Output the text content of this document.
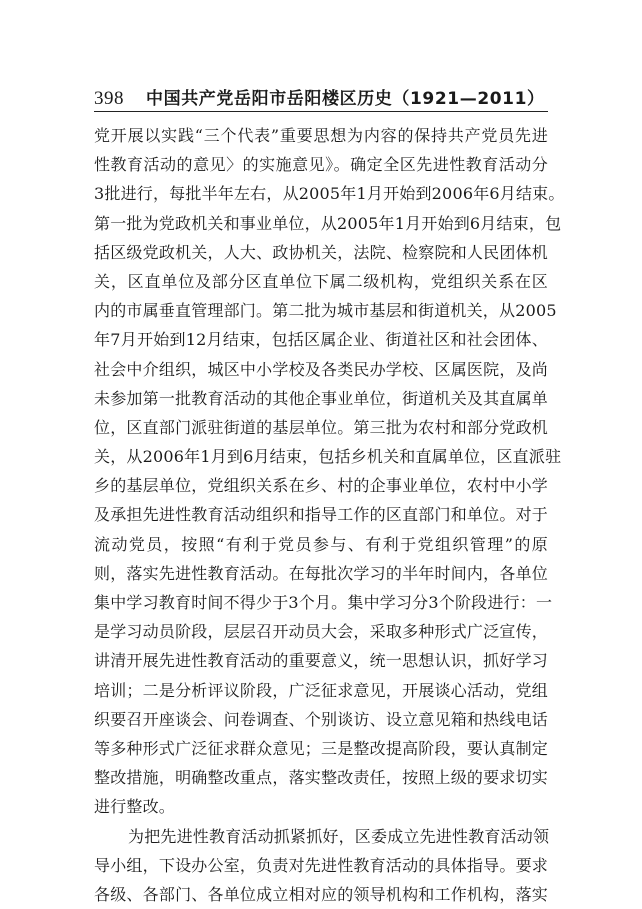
398 中国共产党岳阳市岳阳楼区历史（1921—2011）
党开展以实践“三个代表”重要思想为内容的保持共产党员先进
性教育活动的意见〉的实施意见》。确定全区先进性教育活动分
3批进行，每批半年左右，从2005年1月开始到2006年6月结束。
第一批为党政机关和事业单位，从2005年1月开始到6月结束，包
括区级党政机关，人大、政协机关，法院、检察院和人民团体机
关，区直单位及部分区直单位下属二级机构，党组织关系在区
内的市属垂直管理部门。第二批为城市基层和街道机关，从2005
年7月开始到12月结束，包括区属企业、街道社区和社会团体、
社会中介组织，城区中小学校及各类民办学校、区属医院，及尚
未参加第一批教育活动的其他企事业单位，街道机关及其直属单
位，区直部门派驻街道的基层单位。第三批为农村和部分党政机
关，从2006年1月到6月结束，包括乡机关和直属单位，区直派驻
乡的基层单位，党组织关系在乡、村的企事业单位，农村中小学
及承担先进性教育活动组织和指导工作的区直部门和单位。对于
流动党员，按照“有利于党员参与、有利于党组织管理”的原
则，落实先进性教育活动。在每批次学习的半年时间内，各单位
集中学习教育时间不得少于3个月。集中学习分3个阶段进行：一
是学习动员阶段，层层召开动员大会，采取多种形式广泛宣传，
讲清开展先进性教育活动的重要意义，统一思想认识，抓好学习
培训；二是分析评议阶段，广泛征求意见，开展谈心活动，党组
织要召开座谈会、问卷调查、个别谈访、设立意见箱和热线电话
等多种形式广泛征求群众意见；三是整改提高阶段，要认真制定
整改措施，明确整改重点，落实整改责任，按照上级的要求切实
进行整改。
为把先进性教育活动抓紧抓好，区委成立先进性教育活动领
导小组，下设办公室，负责对先进性教育活动的具体指导。要求
各级、各部门、各单位成立相对应的领导机构和工作机构，落实
